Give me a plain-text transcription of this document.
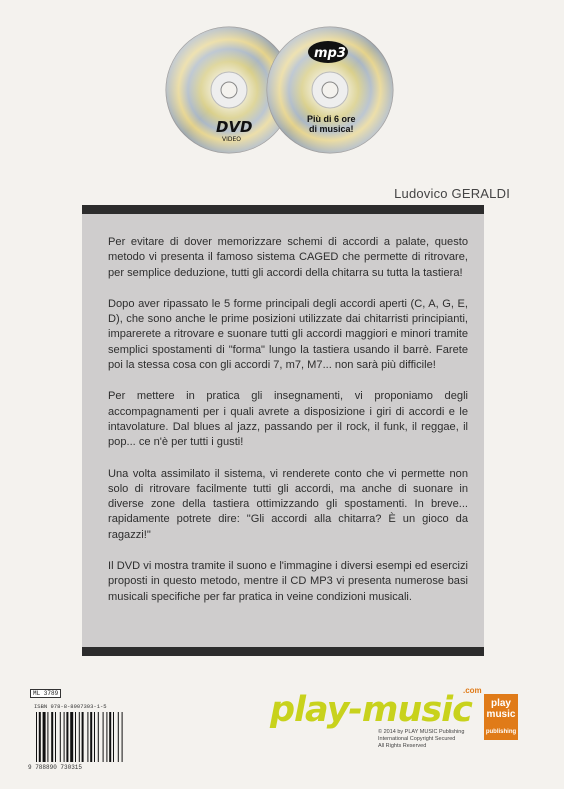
DVD
VIDEO
mp3
Più di 6 ore
di musica!
Ludovico GERALDI

Per evitare di dover memorizzare schemi di accordi a palate, questo metodo vi presenta il famoso sistema CAGED che permette di ritrovare, per semplice deduzione, tutti gli accordi della chitarra su tutta la tastiera!

Dopo aver ripassato le 5 forme principali degli accordi aperti (C, A, G, E, D), che sono anche le prime posizioni utilizzate dai chitarristi principianti, imparerete a ritrovare e suonare tutti gli accordi maggiori e minori tramite semplici spostamenti di "forma" lungo la tastiera usando il barrè. Farete poi la stessa cosa con gli accordi 7, m7, M7... non sarà più difficile!

Per mettere in pratica gli insegnamenti, vi proponiamo degli accompagnamenti per i quali avrete a disposizione i giri di accordi e le intavolature. Dal blues al jazz, passando per il rock, il funk, il reggae, il pop... ce n'è per tutti i gusti!

Una volta assimilato il sistema, vi renderete conto che vi permette non solo di ritrovare facilmente tutti gli accordi, ma anche di suonare in diverse zone della tastiera ottimizzando gli spostamenti. In breve... rapidamente potrete dire: "Gli accordi alla chitarra? È un gioco da ragazzi!"

Il DVD vi mostra tramite il suono e l'immagine i diversi esempi ed esercizi proposti in questo metodo, mentre il CD MP3 vi presenta numerose basi musicali specifiche per far pratica in veine condizioni musicali.

ML 3789
ISBN 978-8-8907303-1-5
9 788890 730315
play-music
.com
play
music
publishing
© 2014 by PLAY MUSIC Publishing
International Copyright Secured
All Rights Reserved
